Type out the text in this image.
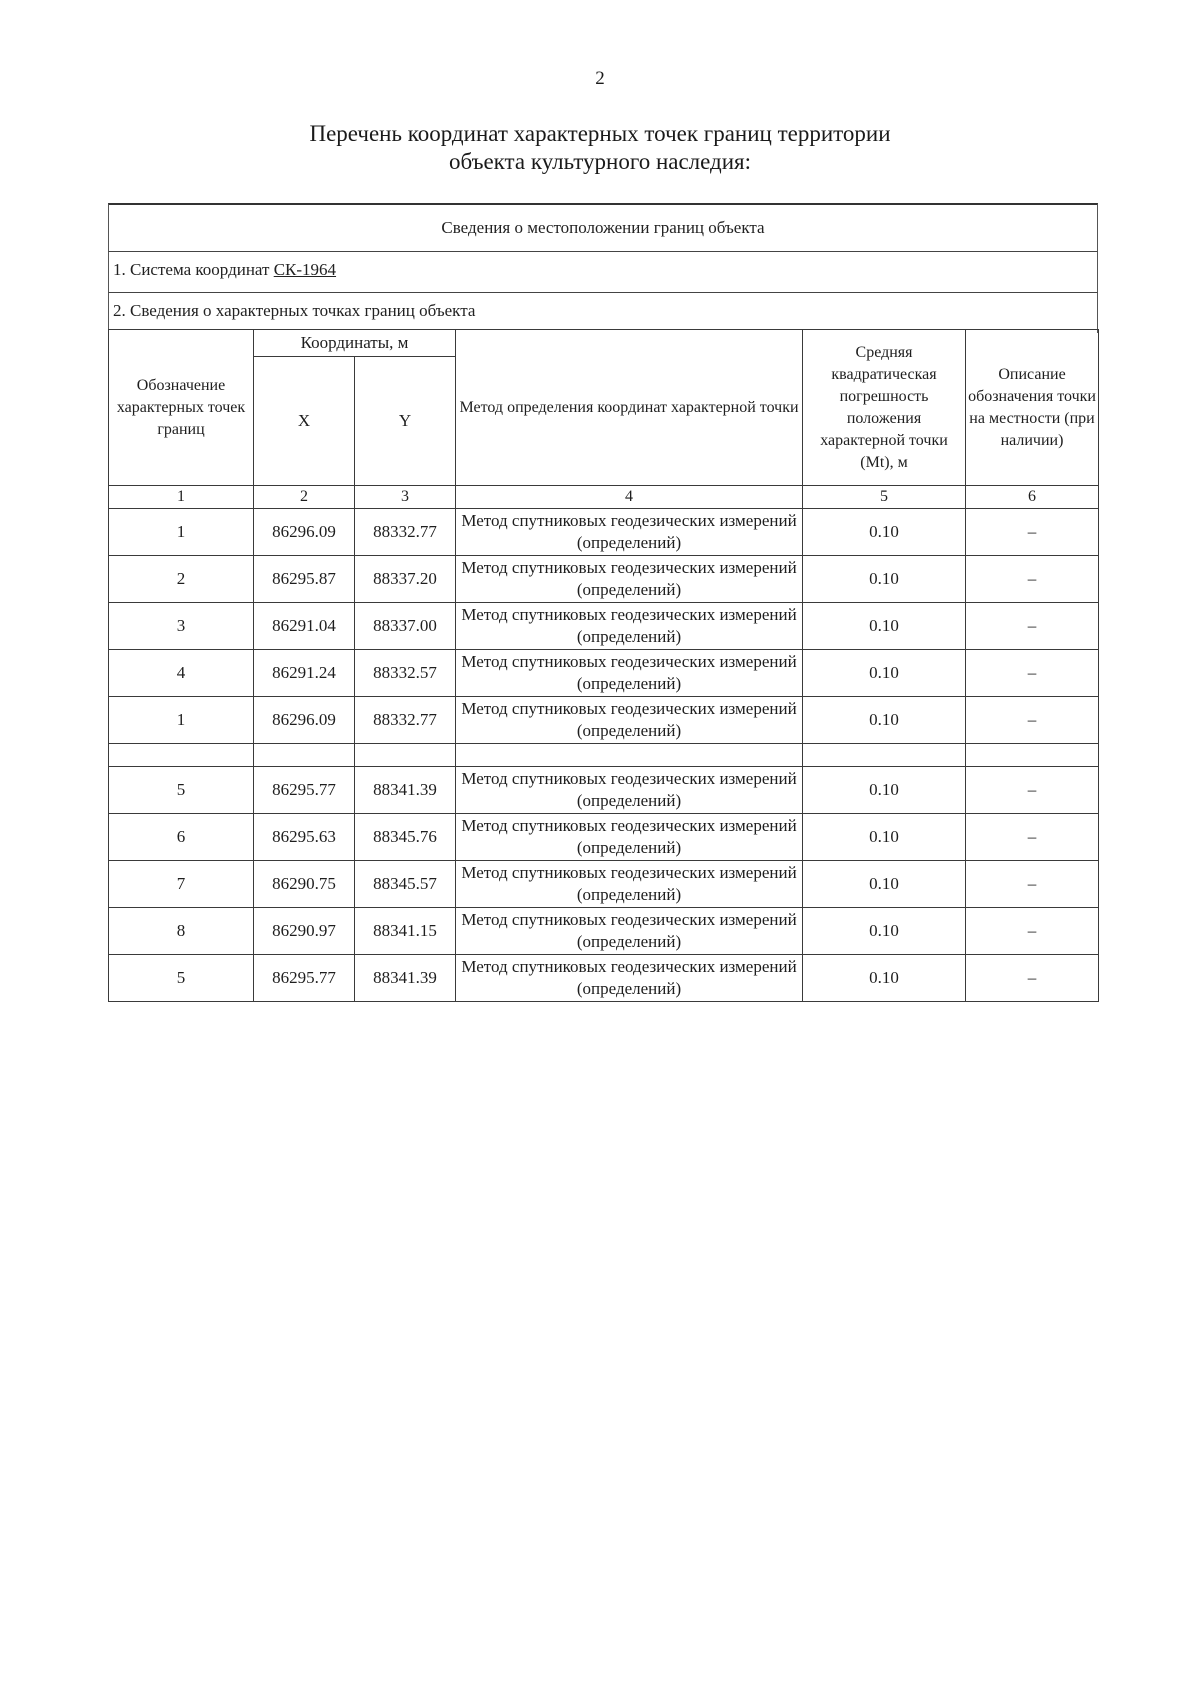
2
Перечень координат характерных точек границ территории
объекта культурного наследия:
Сведения о местоположении границ объекта
1. Система координат СК-1964
2. Сведения о характерных точках границ объекта
Обозначение характерных точек границ	Координаты, м		Метод определения координат характерной точки	Средняя квадратическая погрешность положения характерной точки (Mt), м	Описание обозначения точки на местности (при наличии)
	X	Y			
1	2	3	4	5	6
1	86296.09	88332.77	Метод спутниковых геодезических измерений (определений)	0.10	–
2	86295.87	88337.20	Метод спутниковых геодезических измерений (определений)	0.10	–
3	86291.04	88337.00	Метод спутниковых геодезических измерений (определений)	0.10	–
4	86291.24	88332.57	Метод спутниковых геодезических измерений (определений)	0.10	–
1	86296.09	88332.77	Метод спутниковых геодезических измерений (определений)	0.10	–

5	86295.77	88341.39	Метод спутниковых геодезических измерений (определений)	0.10	–
6	86295.63	88345.76	Метод спутниковых геодезических измерений (определений)	0.10	–
7	86290.75	88345.57	Метод спутниковых геодезических измерений (определений)	0.10	–
8	86290.97	88341.15	Метод спутниковых геодезических измерений (определений)	0.10	–
5	86295.77	88341.39	Метод спутниковых геодезических измерений (определений)	0.10	–
